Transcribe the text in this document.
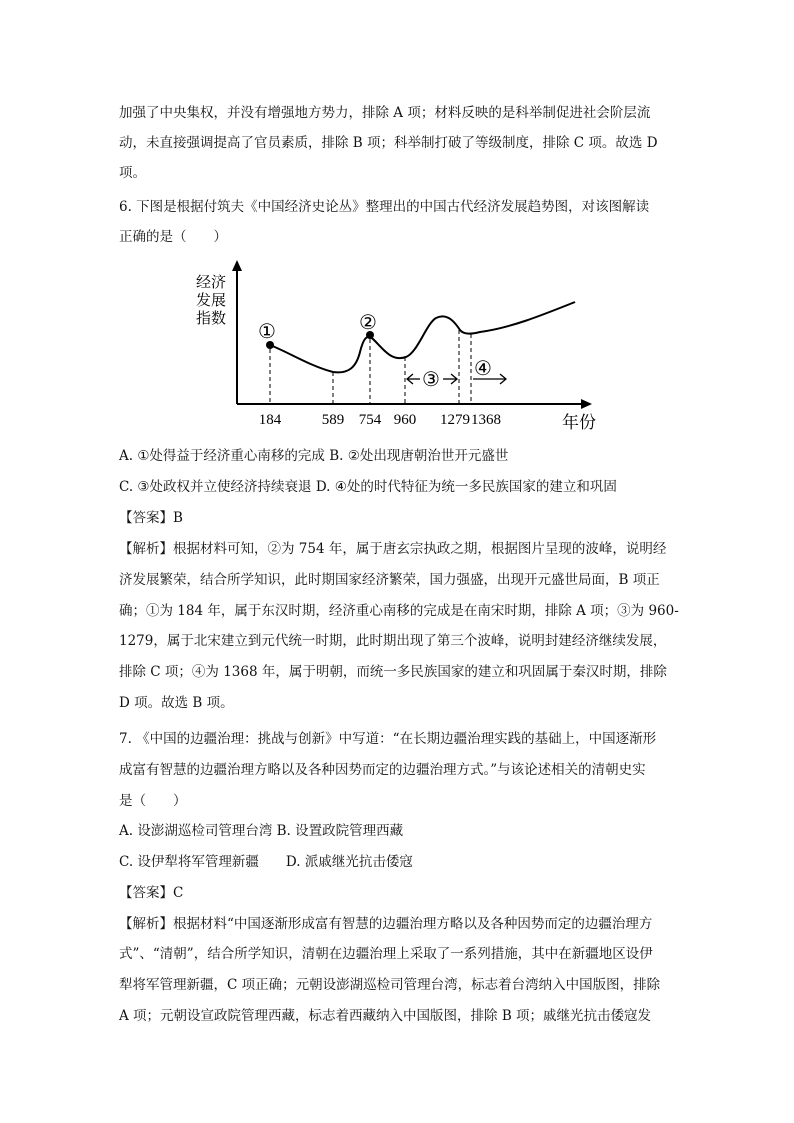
加强了中央集权，并没有增强地方势力，排除 A 项；材料反映的是科举制促进社会阶层流
动，未直接强调提高了官员素质，排除 B 项；科举制打破了等级制度，排除 C 项。故选 D
项。
6. 下图是根据付筑夫《中国经济史论丛》整理出的中国古代经济发展趋势图，对该图解读
正确的是（　　）
A. ①处得益于经济重心南移的完成 B. ②处出现唐朝治世开元盛世
C. ③处政权并立使经济持续衰退 D. ④处的时代特征为统一多民族国家的建立和巩固
【答案】B
【解析】根据材料可知，②为 754 年，属于唐玄宗执政之期，根据图片呈现的波峰，说明经
济发展繁荣，结合所学知识，此时期国家经济繁荣，国力强盛，出现开元盛世局面，B 项正
确；①为 184 年，属于东汉时期，经济重心南移的完成是在南宋时期，排除 A 项；③为 960-
1279，属于北宋建立到元代统一时期，此时期出现了第三个波峰，说明封建经济继续发展，
排除 C 项；④为 1368 年，属于明朝，而统一多民族国家的建立和巩固属于秦汉时期，排除
D 项。故选 B 项。
7. 《中国的边疆治理：挑战与创新》中写道：“在长期边疆治理实践的基础上，中国逐渐形
成富有智慧的边疆治理方略以及各种因势而定的边疆治理方式。”与该论述相关的清朝史实
是（　　）
A. 设澎湖巡检司管理台湾 B. 设置政院管理西藏
C. 设伊犁将军管理新疆　　D. 派戚继光抗击倭寇
【答案】C
【解析】根据材料“中国逐渐形成富有智慧的边疆治理方略以及各种因势而定的边疆治理方
式”、“清朝”，结合所学知识，清朝在边疆治理上采取了一系列措施，其中在新疆地区设伊
犁将军管理新疆，C 项正确；元朝设澎湖巡检司管理台湾，标志着台湾纳入中国版图，排除
A 项；元朝设宣政院管理西藏，标志着西藏纳入中国版图，排除 B 项；戚继光抗击倭寇发
经济
发展
指数
①	②
③ ④
184	589 754 960 1279 1368	年份
